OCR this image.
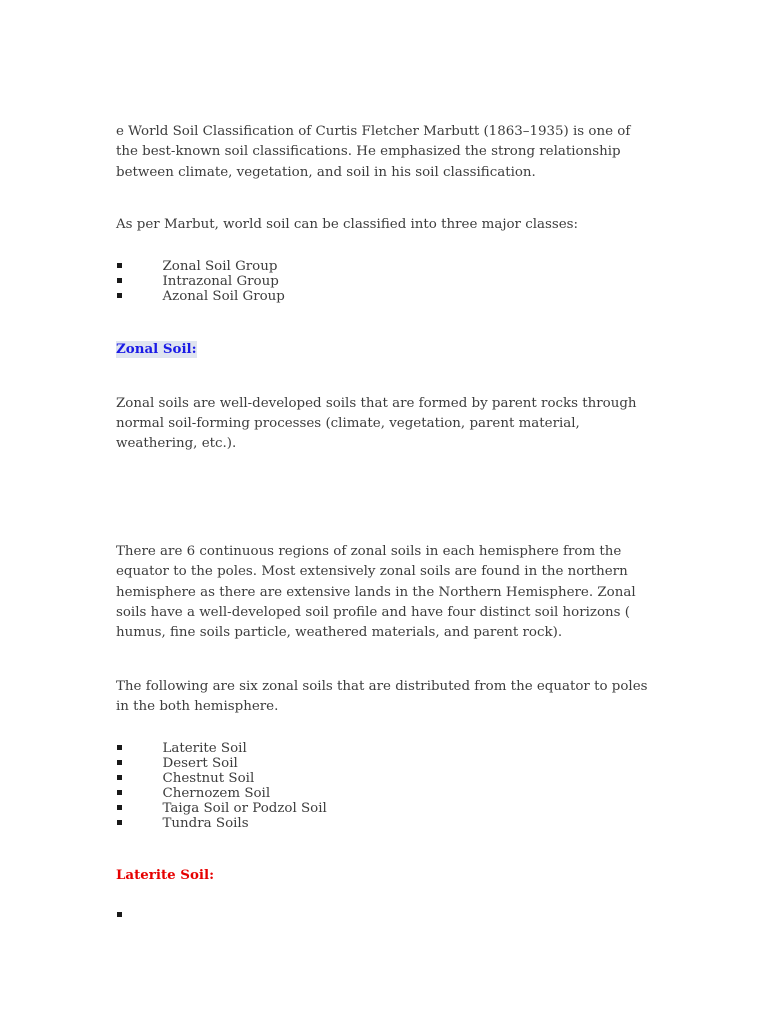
e World Soil Classification of Curtis Fletcher Marbutt (1863–1935) is one of the best-known soil classifications. He emphasized the strong relationship between climate, vegetation, and soil in his soil classification.

As per Marbut, world soil can be classified into three major classes:

Zonal Soil Group
Intrazonal Group
Azonal Soil Group
Zonal Soil:

Zonal soils are well-developed soils that are formed by parent rocks through normal soil-forming processes (climate, vegetation, parent material, weathering, etc.).

There are 6 continuous regions of zonal soils in each hemisphere from the equator to the poles. Most extensively zonal soils are found in the northern hemisphere as there are extensive lands in the Northern Hemisphere. Zonal soils have a well-developed soil profile and have four distinct soil horizons ( humus, fine soils particle, weathered materials, and parent rock).

The following are six zonal soils that are distributed from the equator to poles in the both hemisphere.

Laterite Soil
Desert Soil
Chestnut Soil
Chernozem Soil
Taiga Soil or Podzol Soil
Tundra Soils
Laterite Soil:
